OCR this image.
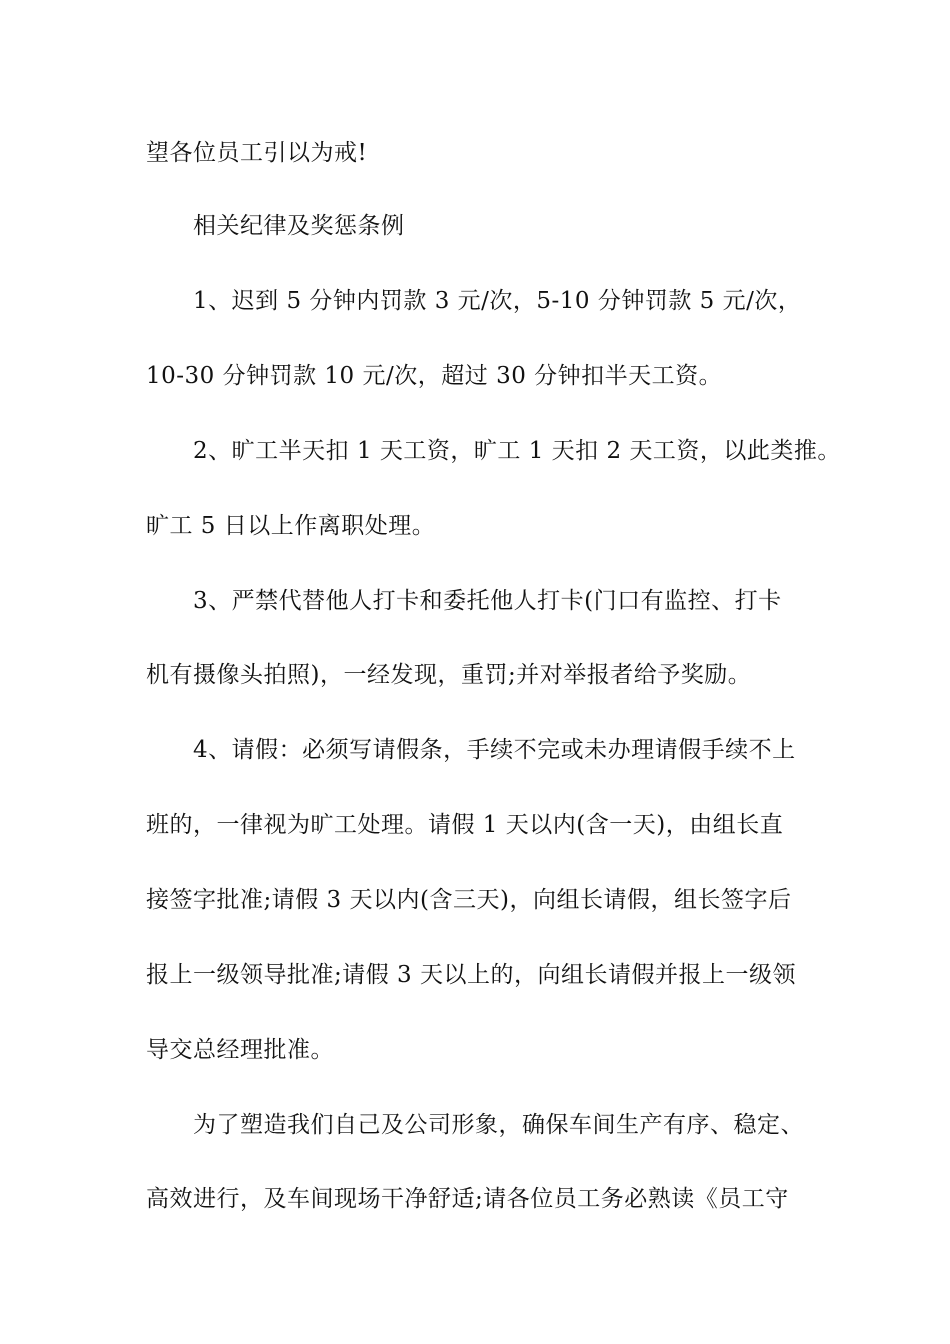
望各位员工引以为戒!

相关纪律及奖惩条例

1、迟到 5 分钟内罚款 3 元/次，5-10 分钟罚款 5 元/次，

10-30 分钟罚款 10 元/次，超过 30 分钟扣半天工资。

2、旷工半天扣 1 天工资，旷工 1 天扣 2 天工资，以此类推。

旷工 5 日以上作离职处理。

3、严禁代替他人打卡和委托他人打卡(门口有监控、打卡

机有摄像头拍照)，一经发现，重罚;并对举报者给予奖励。

4、请假：必须写请假条，手续不完或未办理请假手续不上

班的，一律视为旷工处理。请假 1 天以内(含一天)，由组长直

接签字批准;请假 3 天以内(含三天)，向组长请假，组长签字后

报上一级领导批准;请假 3 天以上的，向组长请假并报上一级领

导交总经理批准。

为了塑造我们自己及公司形象，确保车间生产有序、稳定、

高效进行，及车间现场干净舒适;请各位员工务必熟读《员工守
